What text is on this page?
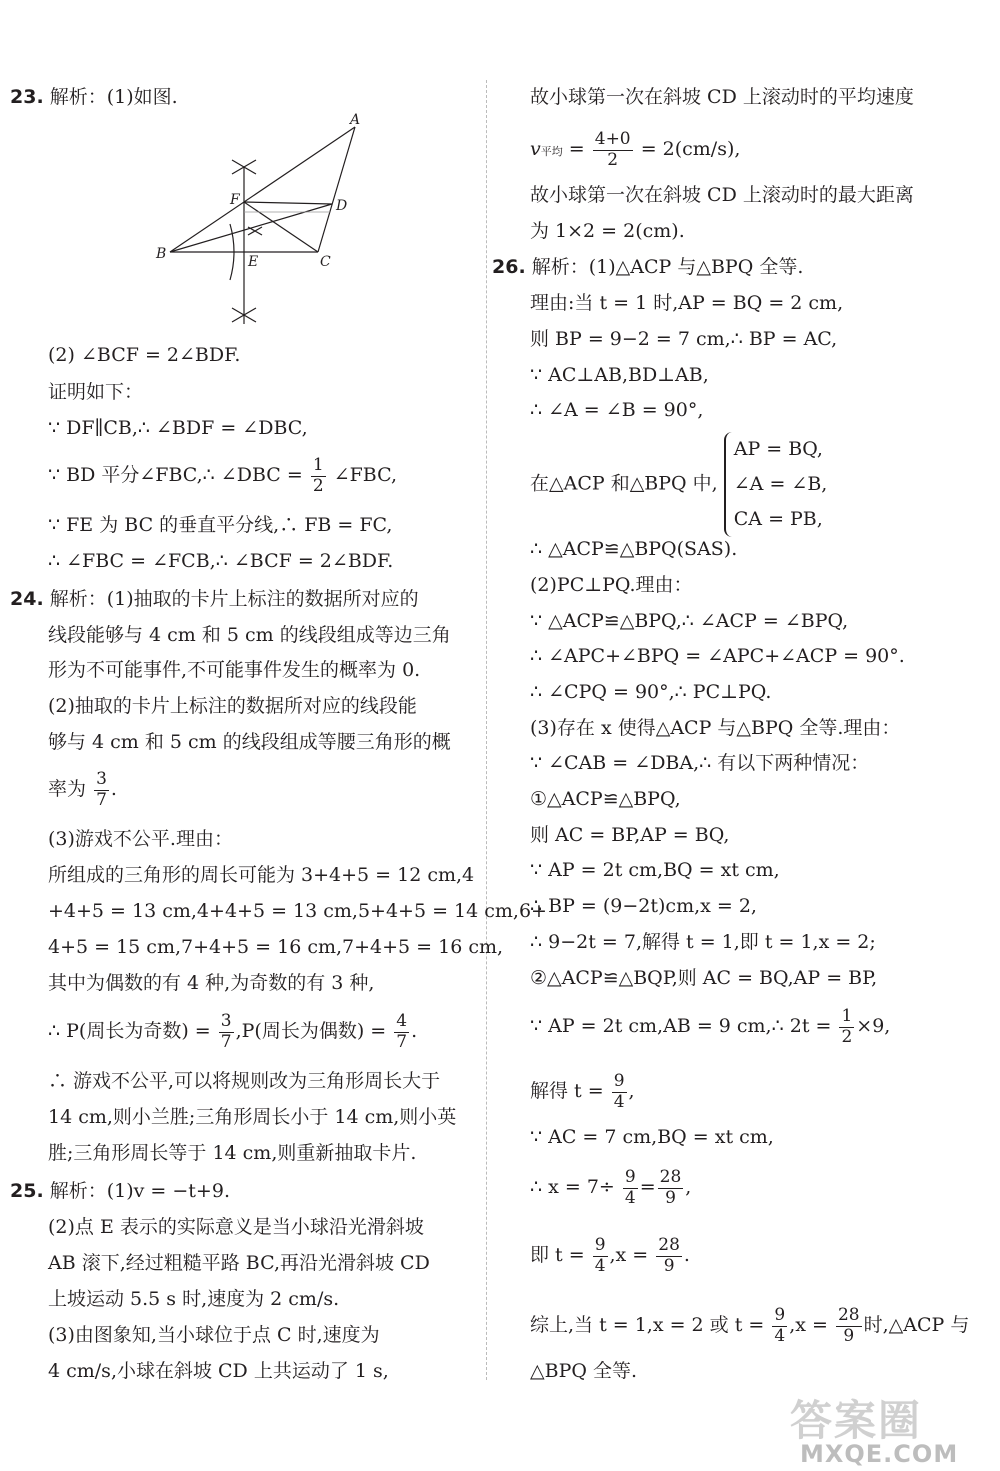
23. 解析：(1)如图.
A
B	C
D
E
F
(2) ∠BCF = 2∠BDF.
证明如下：
∵ DF∥CB,∴ ∠BDF = ∠DBC,
∵ BD 平分∠FBC,∴ ∠DBC = $\frac{1}{2}$ ∠FBC,
∵ FE 为 BC 的垂直平分线,∴ FB = FC,
∴ ∠FBC = ∠FCB,∴ ∠BCF = 2∠BDF.
24. 解析：(1)抽取的卡片上标注的数据所对应的
线段能够与 4 cm 和 5 cm 的线段组成等边三角
形为不可能事件,不可能事件发生的概率为 0.
(2)抽取的卡片上标注的数据所对应的线段能
够与 4 cm 和 5 cm 的线段组成等腰三角形的概
率为 $\frac{3}{7}$ .
(3)游戏不公平.理由：
所组成的三角形的周长可能为 3+4+5 = 12 cm,4
+4+5 = 13 cm,4+4+5 = 13 cm,5+4+5 = 14 cm,6+
4+5 = 15 cm,7+4+5 = 16 cm,7+4+5 = 16 cm,
其中为偶数的有 4 种,为奇数的有 3 种,
∴ P(周长为奇数) = $\frac{3}{7} ,P$(周长为偶数) = $\frac{4}{7}$ .
∴ 游戏不公平,可以将规则改为三角形周长大于
14 cm,则小兰胜;三角形周长小于 14 cm,则小英
胜;三角形周长等于 14 cm,则重新抽取卡片.
25. 解析：(1)v = −t+9.
(2)点 E 表示的实际意义是当小球沿光滑斜坡
AB 滚下,经过粗糙平路 BC,再沿光滑斜坡 CD
上坡运动 5.5 s 时,速度为 2 cm/s.
(3)由图象知,当小球位于点 C 时,速度为
4 cm/s,小球在斜坡 CD 上共运动了 1 s,
故小球第一次在斜坡 CD 上滚动时的平均速度
v平均 = $\frac{4+0}{2} = 2(cm/s)$,
故小球第一次在斜坡 CD 上滚动时的最大距离
为 1×2 = 2(cm).
26. 解析：(1)△ACP 与△BPQ 全等.
理由:当 t = 1 时,AP = BQ = 2 cm,
则 BP = 9−2 = 7 cm,∴ BP = AC,
∵ AC⊥AB,BD⊥AB,
∴ ∠A = ∠B = 90°,
在△ACP 和△BPQ 中,
AP = BQ,
∠A = ∠B,
CA = PB,
∴ △ACP≌△BPQ(SAS).
(2)PC⊥PQ.理由：
∵ △ACP≌△BPQ,∴ ∠ACP = ∠BPQ,
∴ ∠APC+∠BPQ = ∠APC+∠ACP = 90°.
∴ ∠CPQ = 90°,∴ PC⊥PQ.
(3)存在 x 使得△ACP 与△BPQ 全等.理由：
∵ ∠CAB = ∠DBA,∴ 有以下两种情况：
①△ACP≌△BPQ,
则 AC = BP,AP = BQ,
∵ AP = 2t cm,BQ = xt cm,
∴ BP = (9−2t)cm,x = 2,
∴ 9−2t = 7,解得 t = 1,即 t = 1,x = 2;
②△ACP≌△BQP,则 AC = BQ,AP = BP,
∵ AP = 2t cm,AB = 9 cm,∴ $2t = \frac{1}{2} \times 9$,
解得 $t = \frac{9}{4}$ ,
∵ AC = 7 cm,BQ = xt cm,
∴ $x = 7\div \frac{9}{4} = \frac{28}{9}$ ,
即 $t = \frac{9}{4} ,x = \frac{28}{9}$ .
综上,当 t = 1,x = 2 或 $t = \frac{9}{4} ,x = \frac{28}{9}$ 时,△ACP 与
△BPQ 全等.
答案圈
MXQE.COM
